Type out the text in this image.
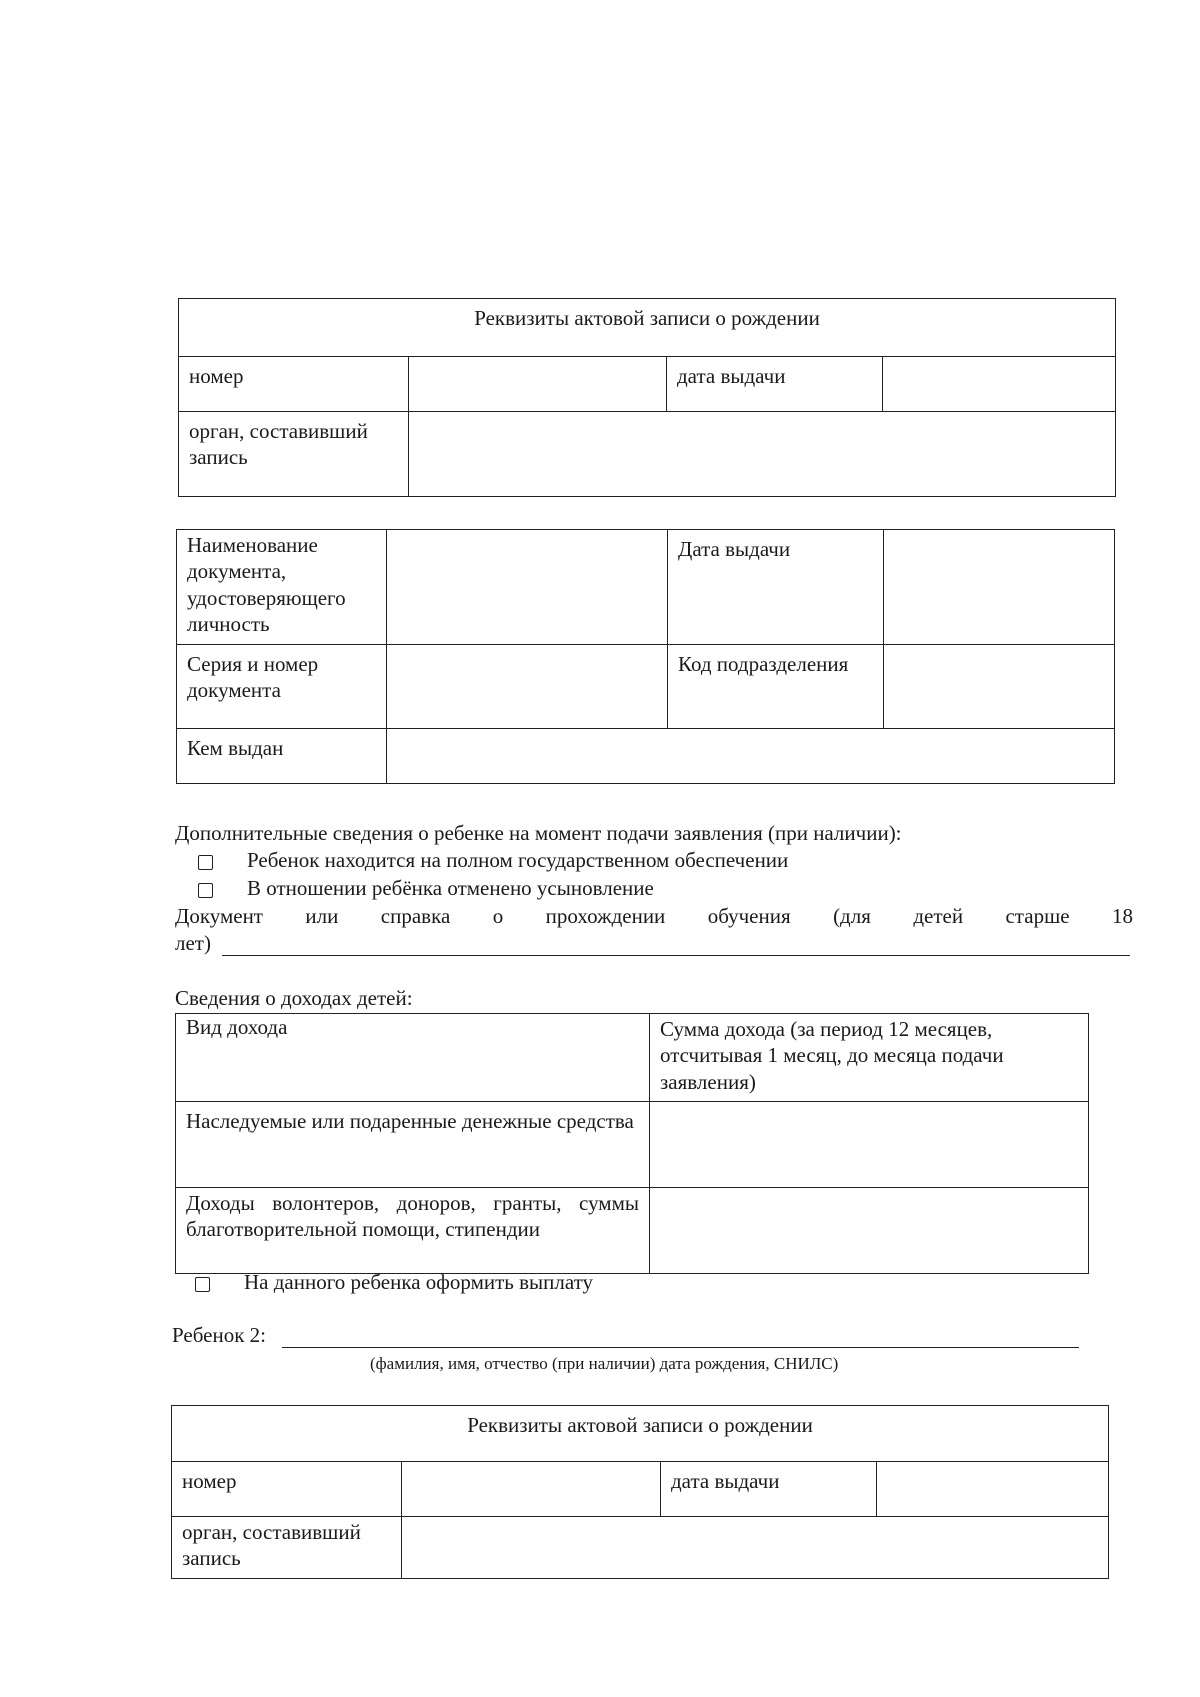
Реквизиты актовой записи о рождении			
номер		дата выдачи	
орган, составивший запись			
Наименование документа, удостоверяющего личность		Дата выдачи	
Серия и номер документа		Код подразделения	
Кем выдан			
Дополнительные сведения о ребенке на момент подачи заявления (при наличии):
Ребенок находится на полном государственном обеспечении
В отношении ребёнка отменено усыновление
Документ или справка о прохождении обучения (для детей старше 18
лет)
Сведения о доходах детей:
Вид дохода	Сумма дохода (за период 12 месяцев, отсчитывая 1 месяц, до месяца подачи заявления)
Наследуемые или подаренные денежные средства	
Доходы волонтеров, доноров, гранты, суммы благотворительной помощи, стипендии	
На данного ребенка оформить выплату
Ребенок 2:
(фамилия, имя, отчество (при наличии) дата рождения, СНИЛС)
Реквизиты актовой записи о рождении			
номер		дата выдачи	
орган, составивший запись			
